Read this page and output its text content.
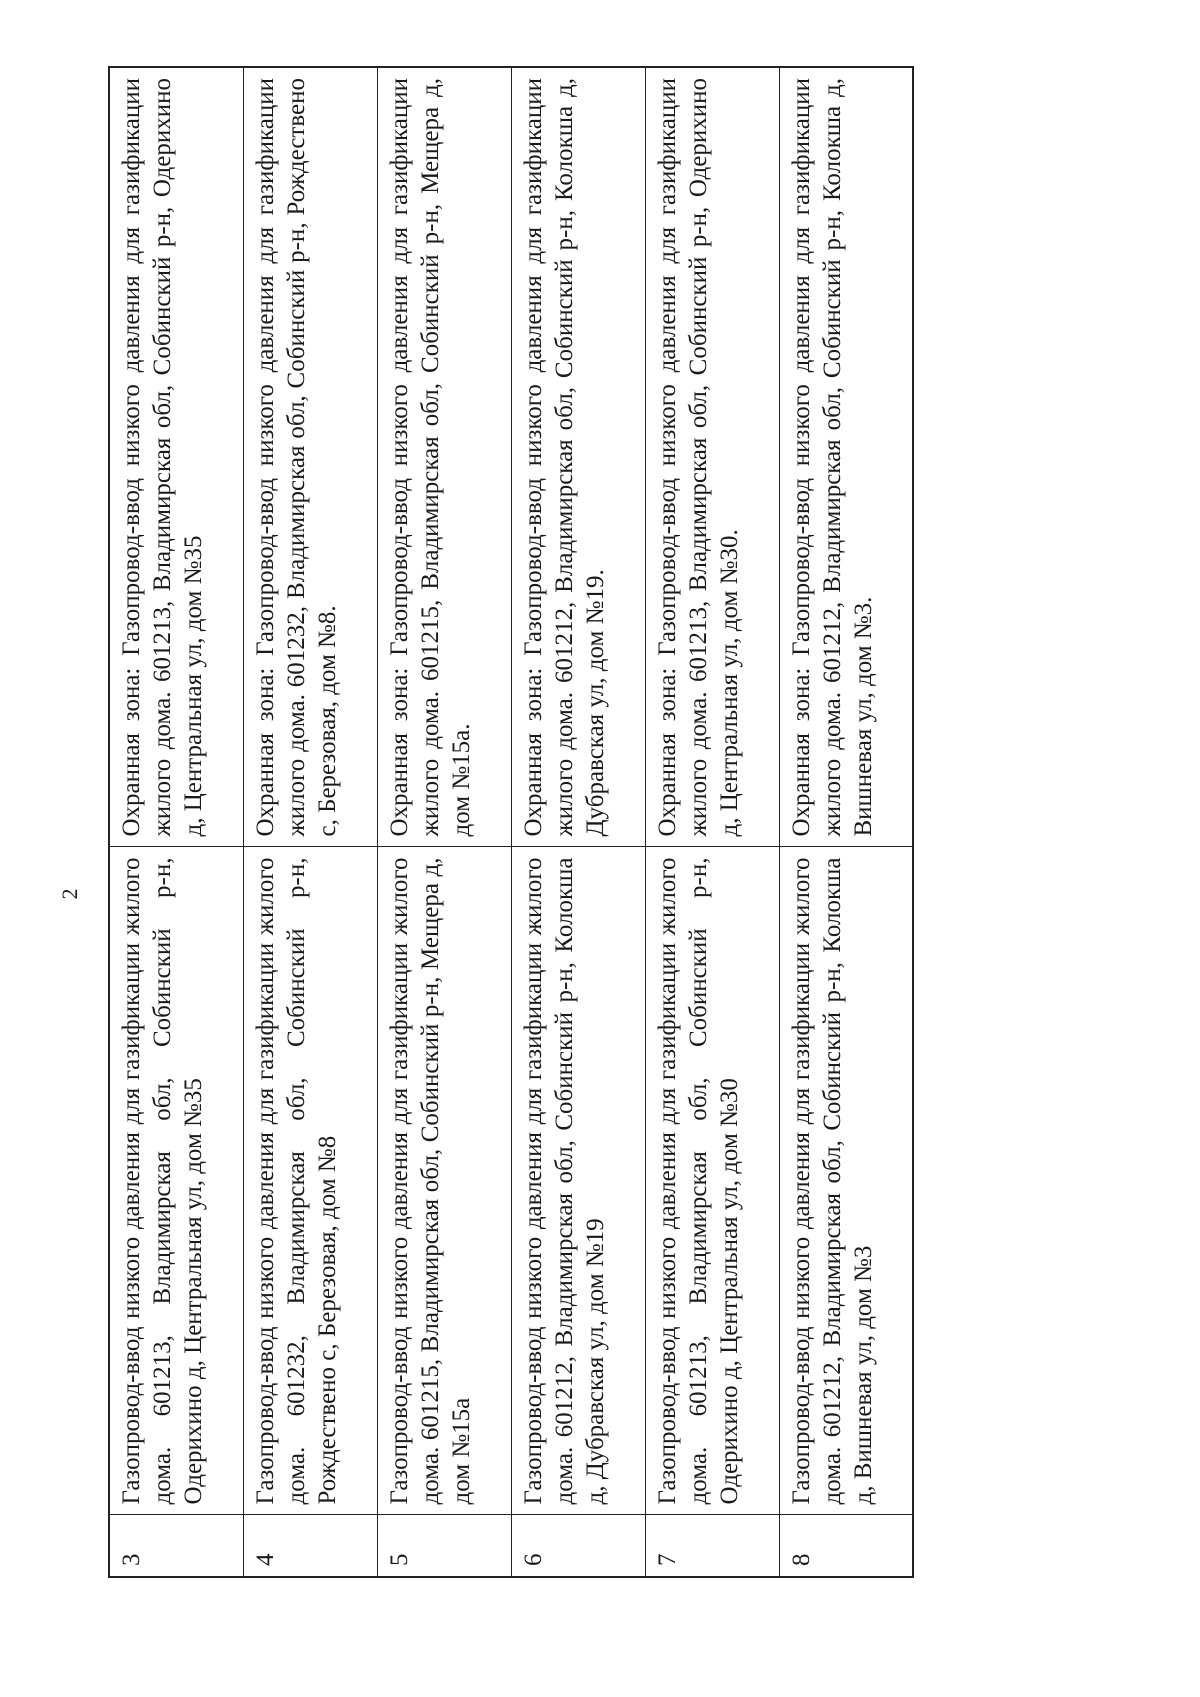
2
3	Газопровод-ввод низкого давления для газификации жилого дома. 601213, Владимирская обл, Собинский р-н, Одерихино д, Центральная ул, дом №35	Охранная зона: Газопровод-ввод низкого давления для газификации жилого дома. 601213, Владимирская обл, Собинский р-н, Одерихино д, Центральная ул, дом №35
4	Газопровод-ввод низкого давления для газификации жилого дома. 601232, Владимирская обл, Собинский р-н, Рождествено с, Березовая, дом №8	Охранная зона: Газопровод-ввод низкого давления для газификации жилого дома. 601232, Владимирская обл, Собинский р-н, Рождествено с, Березовая, дом №8.
5	Газопровод-ввод низкого давления для газификации жилого дома. 601215, Владимирская обл, Собинский р-н, Мещера д, дом №15а	Охранная зона: Газопровод-ввод низкого давления для газификации жилого дома. 601215, Владимирская обл, Собинский р-н, Мещера д, дом №15а.
6	Газопровод-ввод низкого давления для газификации жилого дома. 601212, Владимирская обл, Собинский р-н, Колокша д, Дубравская ул, дом №19	Охранная зона: Газопровод-ввод низкого давления для газификации жилого дома. 601212, Владимирская обл, Собинский р-н, Колокша д, Дубравская ул, дом №19.
7	Газопровод-ввод низкого давления для газификации жилого дома. 601213, Владимирская обл, Собинский р-н, Одерихино д, Центральная ул, дом №30	Охранная зона: Газопровод-ввод низкого давления для газификации жилого дома. 601213, Владимирская обл, Собинский р-н, Одерихино д, Центральная ул, дом №30.
8	Газопровод-ввод низкого давления для газификации жилого дома. 601212, Владимирская обл, Собинский р-н, Колокша д, Вишневая ул, дом №3	Охранная зона: Газопровод-ввод низкого давления для газификации жилого дома. 601212, Владимирская обл, Собинский р-н, Колокша д, Вишневая ул, дом №3.
